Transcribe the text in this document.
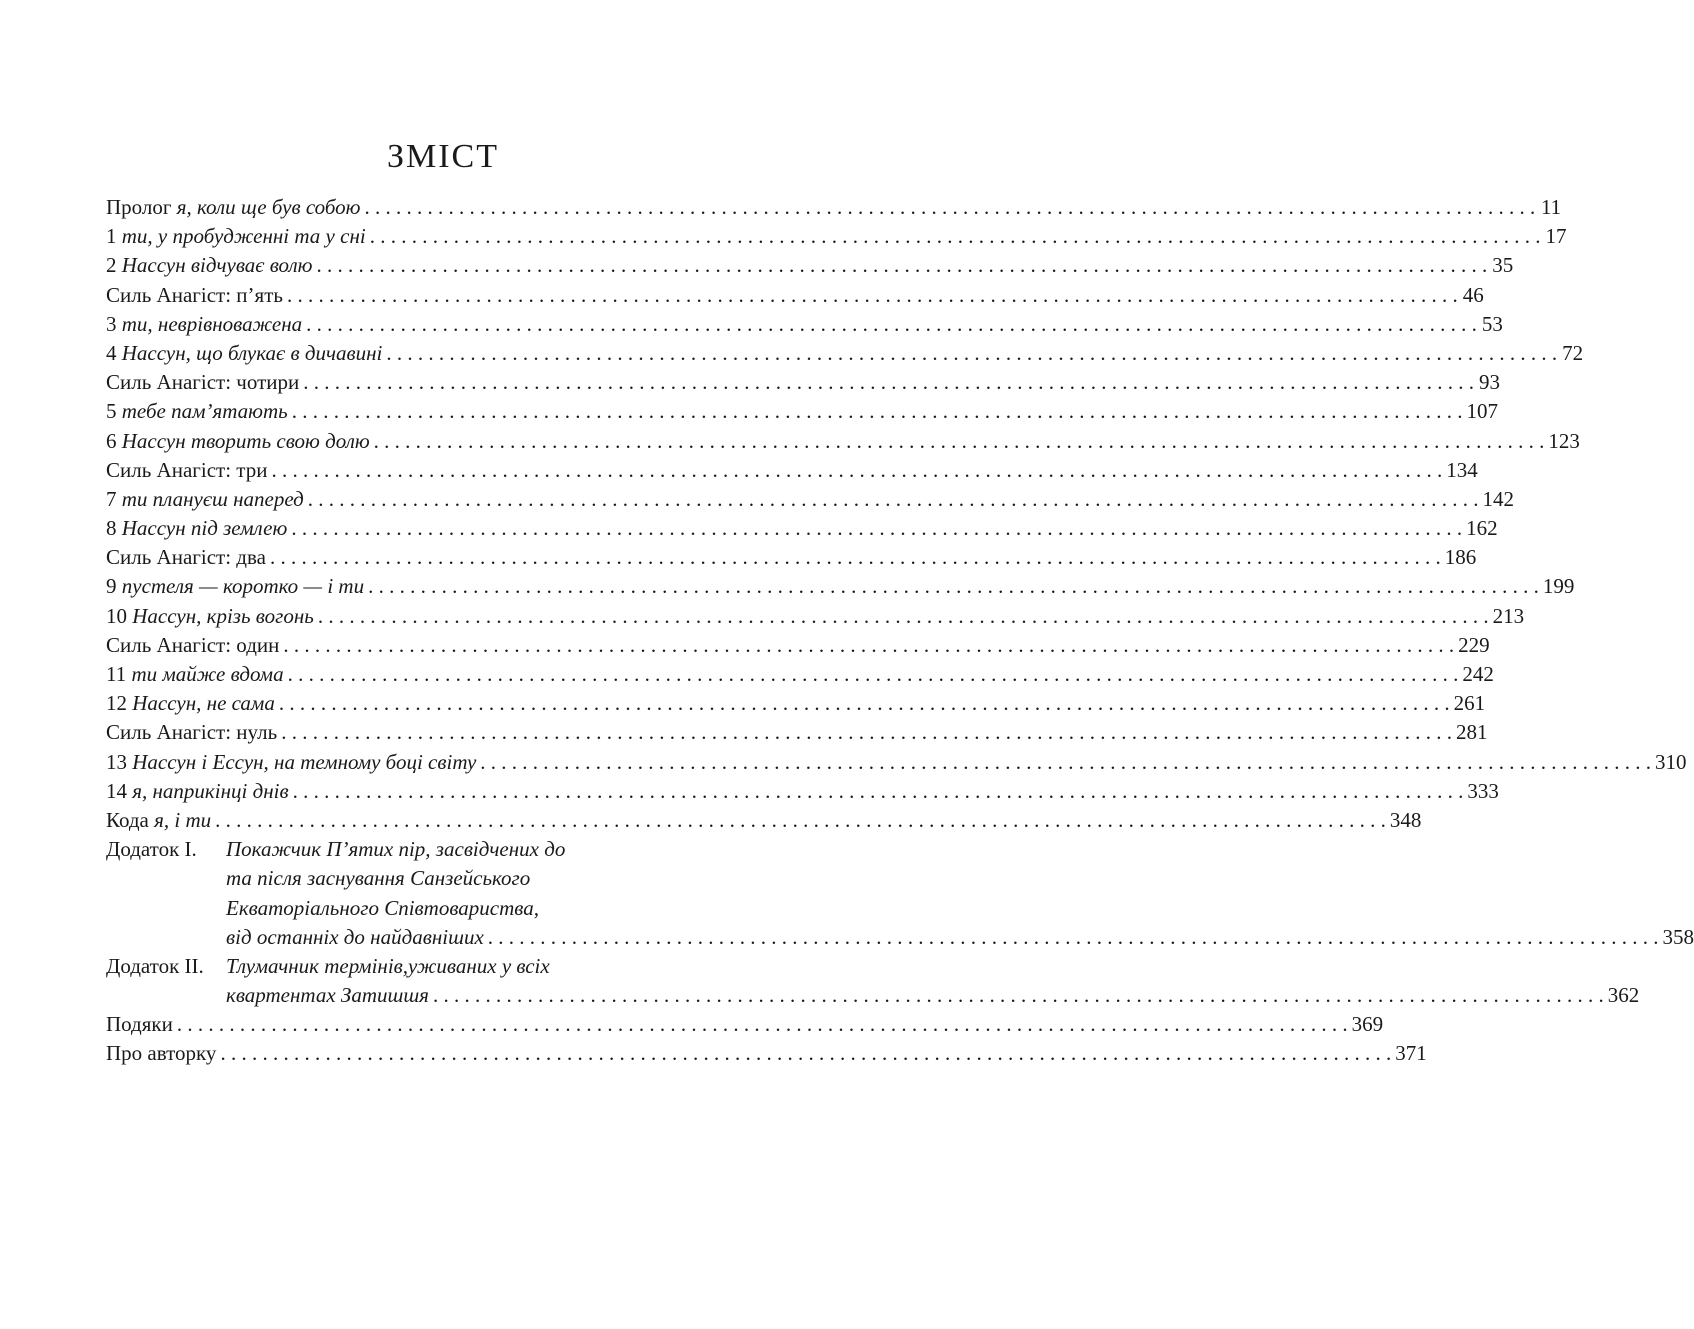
ЗМІСТ
Пролог я, коли ще був собою . . .	11
1 ти, у пробудженні та у сні . . .	17
2 Нассун відчуває волю . . .	35
Силь Анагіст: п’ять . . .	46
3 ти, неврівноважена . . .	53
4 Нассун, що блукає в дичавині . . .	72
Силь Анагіст: чотири . . .	93
5 тебе пам’ятають . . .	107
6 Нассун творить свою долю . . .	123
Силь Анагіст: три . . .	134
7 ти плануєш наперед . . .	142
8 Нассун під землею . . .	162
Силь Анагіст: два . . .	186
9 пустеля — коротко — і ти . . .	199
10 Нассун, крізь вогонь . . .	213
Силь Анагіст: один . . .	229
11 ти майже вдома . . .	242
12 Нассун, не сама . . .	261
Силь Анагіст: нуль . . .	281
13 Нассун і Ессун, на темному боці світу . . .	310
14 я, наприкінці днів . . .	333
Кода я, і ти . . .	348
Додаток І. Покажчик П’ятих пір, засвідчених до
та після заснування Санзейського
Екваторіального Співтовариства,
від останніх до найдавніших . . .	358
Додаток ІІ. Тлумачник термінів,уживаних у всіх
квартентах Затишшя . . .	362
Подяки . . .	369
Про авторку . . .	371
